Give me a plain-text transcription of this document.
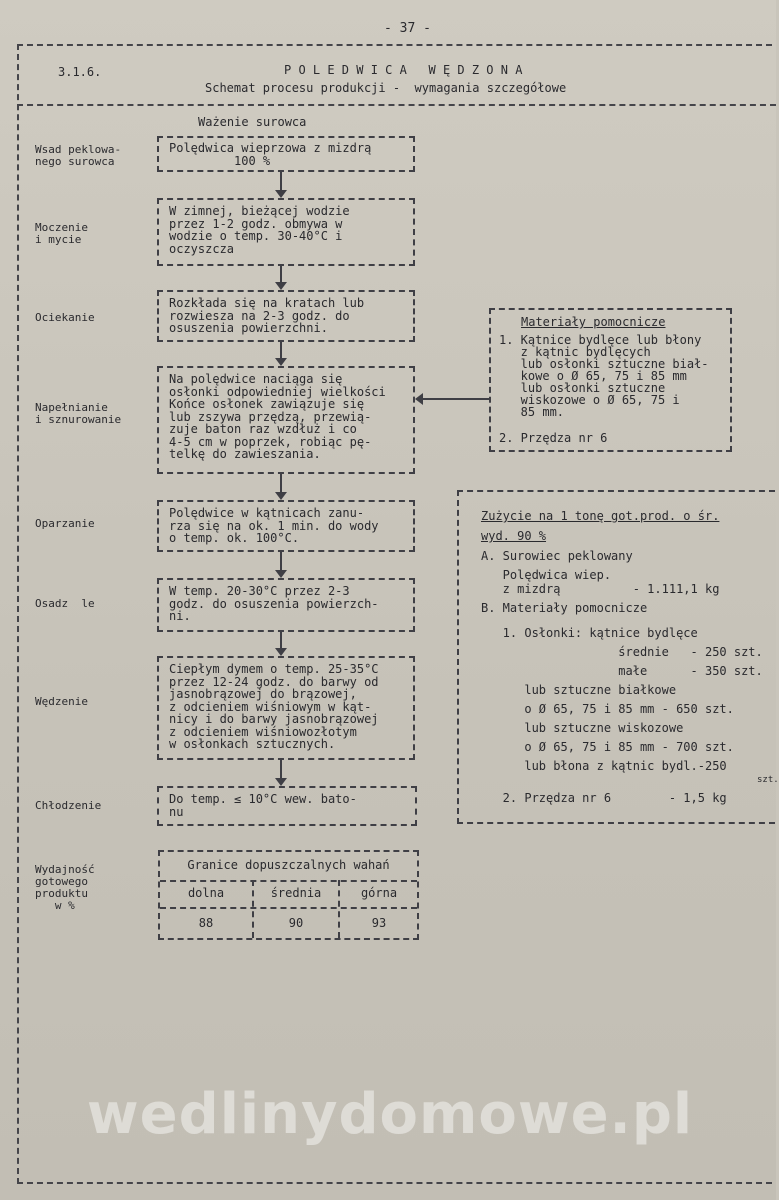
- 37 -
3.1.6.	P O L E D W I C A   W Ę D Z O N A
Schemat procesu produkcji -  wymagania szczegółowe
Ważenie surowca
Wsad peklowa-
nego surowca
Moczenie
i mycie
Ociekanie
Napełnianie
i sznurowanie
Oparzanie
Osadz  le
Wędzenie
Chłodzenie
Polędwica wieprzowa z mizdrą
100 %
W zimnej, bieżącej wodzie
przez 1-2 godz. obmywa w
wodzie o temp. 30-40°C i
oczyszcza
Rozkłada się na kratach lub
rozwiesza na 2-3 godz. do
osuszenia powierzchni.
Na polędwice naciąga się
osłonki odpowiedniej wielkości
Końce osłonek zawiązuje się
lub zszywa przędzą, przewią-
zuje baton raz wzdłuż i co
4-5 cm w poprzek, robiąc pę-
telkę do zawieszania.
Polędwice w kątnicach zanu-
rza się na ok. 1 min. do wody
o temp. ok. 100°C.
W temp. 20-30°C przez 2-3
godz. do osuszenia powierzch-
ni.
Ciepłym dymem o temp. 25-35°C
przez 12-24 godz. do barwy od
jasnobrązowej do brązowej,
z odcieniem wiśniowym w kąt-
nicy i do barwy jasnobrązowej
z odcieniem wiśniowozłotym
w osłonkach sztucznych.
Do temp. ≤ 10°C wew. bato-
nu
Wydajność
gotowego
produktu
w %
Granice dopuszczalnych wahań
dolna	średnia	górna
88	90	93
Materiały pomocnicze
1. Kątnice bydlęce lub błony
z kątnic bydlęcych
lub osłonki sztuczne biał-
kowe o Ø 65, 75 i 85 mm
lub osłonki sztuczne
wiskozowe o Ø 65, 75 i
85 mm.
2. Przędza nr 6
Zużycie na 1 tonę got.prod. o śr.
wyd. 90 %
A. Surowiec peklowany
Polędwica wiep.
z mizdrą          - 1.111,1 kg
B. Materiały pomocnicze
1. Osłonki: kątnice bydlęce
średnie   - 250 szt.
małe      - 350 szt.
lub sztuczne białkowe
o Ø 65, 75 i 85 mm - 650 szt.
lub sztuczne wiskozowe
o Ø 65, 75 i 85 mm - 700 szt.
lub błona z kątnic bydl.-250
szt.
2. Przędza nr 6        - 1,5 kg
wedlinydomowe.pl
